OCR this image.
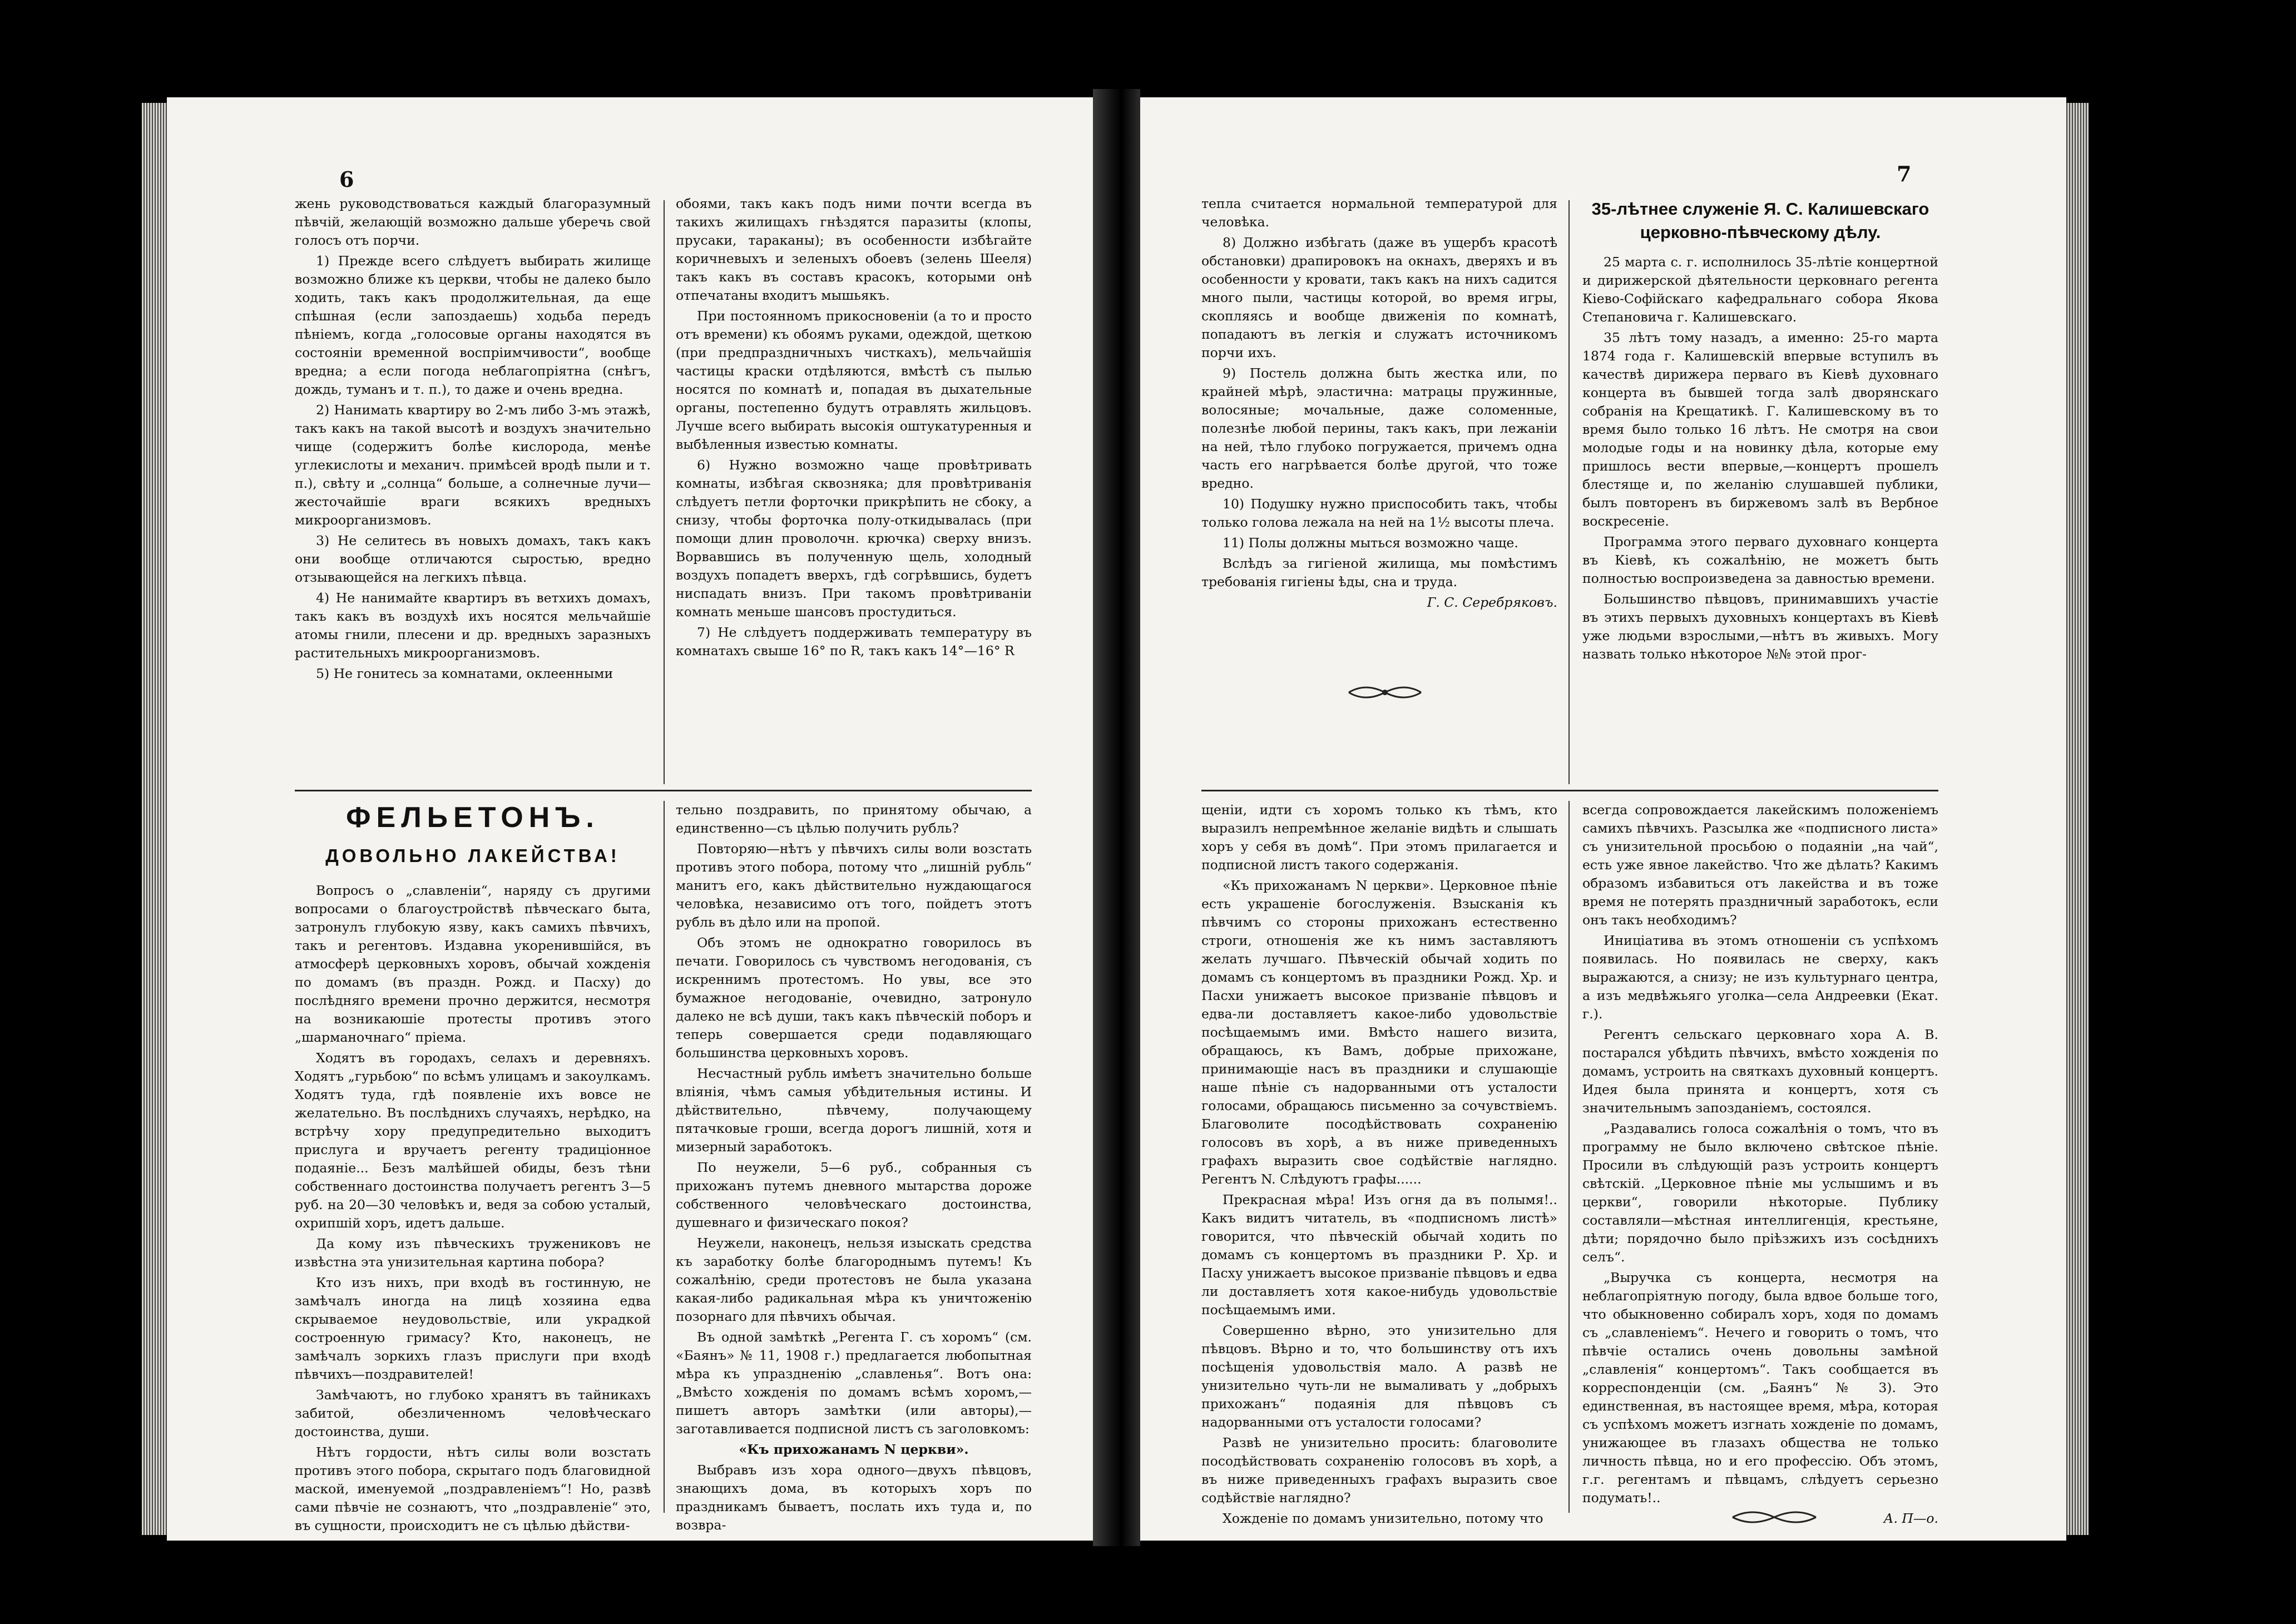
6

жень руководствоваться каждый благоразумный пѣвчій, желающій возможно дальше уберечь свой голосъ отъ порчи.

1) Прежде всего слѣдуетъ выбирать жилище возможно ближе къ церкви, чтобы не далеко было ходить, такъ какъ продолжительная, да еще спѣшная (если запоздаешь) ходьба передъ пѣніемъ, когда „голосовые органы находятся въ состояніи временной воспріимчивости“, вообще вредна; а если погода неблагопріятна (снѣгъ, дождь, туманъ и т. п.), то даже и очень вредна.

2) Нанимать квартиру во 2-мъ либо 3-мъ этажѣ, такъ какъ на такой высотѣ и воздухъ значительно чище (содержитъ болѣе кислорода, менѣе углекислоты и механич. примѣсей вродѣ пыли и т. п.), свѣту и „солнца“ больше, а солнечные лучи—жесточайшіе враги всякихъ вредныхъ микроорганизмовъ.

3) Не селитесь въ новыхъ домахъ, такъ какъ они вообще отличаются сыростью, вредно отзывающейся на легкихъ пѣвца.

4) Не нанимайте квартиръ въ ветхихъ домахъ, такъ какъ въ воздухѣ ихъ носятся мельчайшіе атомы гнили, плесени и др. вредныхъ заразныхъ растительныхъ микроорганизмовъ.

5) Не гонитесь за комнатами, оклеенными

обоями, такъ какъ подъ ними почти всегда въ такихъ жилищахъ гнѣздятся паразиты (клопы, прусаки, тараканы); въ особенности избѣгайте коричневыхъ и зеленыхъ обоевъ (зелень Шееля) такъ какъ въ составъ красокъ, которыми онѣ отпечатаны входитъ мышьякъ.

При постоянномъ прикосновеніи (а то и просто отъ времени) къ обоямъ руками, одеждой, щеткою (при предпраздничныхъ чисткахъ), мельчайшія частицы краски отдѣляются, вмѣстѣ съ пылью носятся по комнатѣ и, попадая въ дыхательные органы, постепенно будутъ отравлять жильцовъ. Лучше всего выбирать высокія оштукатуренныя и выбѣленныя известью комнаты.

6) Нужно возможно чаще провѣтривать комнаты, избѣгая сквозняка; для провѣтриванія слѣдуетъ петли форточки прикрѣпить не сбоку, а снизу, чтобы форточка полу-откидывалась (при помощи длин проволочн. крючка) сверху внизъ. Ворвавшись въ полученную щель, холодный воздухъ попадетъ вверхъ, гдѣ согрѣвшись, будетъ ниспадать внизъ. При такомъ провѣтриваніи комнать меньше шансовъ простудиться.

7) Не слѣдуетъ поддерживать температуру въ комнатахъ свыше 16° по R, такъ какъ 14°—16° R

ФЕЛЬЕТОНЪ.
ДОВОЛЬНО ЛАКЕЙСТВА!

Вопросъ о „славленіи“, наряду съ другими вопросами о благоустройствѣ пѣвческаго быта, затронулъ глубокую язву, какъ самихъ пѣвчихъ, такъ и регентовъ. Издавна укоренившійся, въ атмосферѣ церковныхъ хоровъ, обычай хожденія по домамъ (въ праздн. Рожд. и Пасху) до послѣдняго времени прочно держится, несмотря на возникаюшіе протесты противъ этого „шарманочнаго“ пріема.

Ходятъ въ городахъ, селахъ и деревняхъ. Ходятъ „гурьбою“ по всѣмъ улицамъ и закоулкамъ. Ходятъ туда, гдѣ появленіе ихъ вовсе не желательно. Въ послѣднихъ случаяхъ, нерѣдко, на встрѣчу хору предупредительно выходитъ прислуга и вручаетъ регенту традиціонное подаяніе... Безъ малѣйшей обиды, безъ тѣни собственнаго достоинства получаетъ регентъ 3—5 руб. на 20—30 человѣкъ и, ведя за собою усталый, охрипшій хоръ, идетъ дальше.

Да кому изъ пѣвческихъ тружениковъ не извѣстна эта унизительная картина побора?

Кто изъ нихъ, при входѣ въ гостинную, не замѣчалъ иногда на лицѣ хозяина едва скрываемое неудовольствіе, или укрaдкой состроенную гримасу? Кто, наконецъ, не замѣчалъ зоркихъ глазъ прислуги при входѣ пѣвчихъ—поздравителей!

Замѣчаютъ, но глубоко хранятъ въ тайникахъ забитой, обезличенномъ человѣческаго достоинства, души.

Нѣтъ гордости, нѣтъ силы воли возстать противъ этого побора, скрытаго подъ благовидной маской, именуемой „поздравленіемъ“! Но, развѣ сами пѣвчіе не сознаютъ, что „поздравленіе“ это, въ сущности, происходитъ не съ цѣлью дѣйстви-

тельно поздравить, по принятому обычаю, а единственно—съ цѣлью получить рубль?

Повторяю—нѣтъ у пѣвчихъ силы воли возстать противъ этого побора, потому что „лишній рубль“ манитъ его, какъ дѣйствительно нуждающагося человѣка, независимо отъ того, пойдетъ этотъ рубль въ дѣло или на пропой.

Объ этомъ не однократно говорилось въ печати. Говорилось съ чувствомъ негодованія, съ искреннимъ протестомъ. Но увы, все это бумажное негодованіе, очевидно, затронуло далеко не всѣ души, такъ какъ пѣвческій поборъ и теперь совершается среди подавляющаго большинства церковныхъ хоровъ.

Несчастный рубль имѣетъ значительно больше вліянія, чѣмъ самыя убѣдительныя истины. И дѣйствительно, пѣвчему, получающему пятачковые гроши, всегда дорогъ лишній, хотя и мизерный заработокъ.

По неужели, 5—6 руб., собранныя съ прихожанъ путемъ дневного мытарства дороже собственного человѣческаго достоинства, душевнаго и физическаго покоя?

Неужели, наконецъ, нельзя изыскать средства къ заработку болѣе благороднымъ путемъ! Къ сожалѣнію, среди протестовъ не была указана какая-либо радикальная мѣра къ уничтоженію позорнаго для пѣвчихъ обычая.

Въ одной замѣткѣ „Регента Г. съ хоромъ“ (см. «Баянъ» № 11, 1908 г.) предлагается любопытная мѣра къ упраздненію „славленья“. Вотъ она: „Вмѣсто хожденія по домамъ всѣмъ хоромъ,—пишетъ авторъ замѣтки (или авторы),—заготавливается подписной листъ съ заголовкомъ:

«Къ прихожанамъ N церкви».

Выбравъ изъ хора одного—двухъ пѣвцовъ, знающихъ дома, въ которыхъ хоръ по праздникамъ бываетъ, послать ихъ туда и, по возвра-

7

тепла считается нормальной температурой для человѣка.

8) Должно избѣгать (даже въ ущербъ красотѣ обстановки) драпировокъ на окнахъ, дверяхъ и въ особенности у кровати, такъ какъ на нихъ садится много пыли, частицы которой, во время игры, скопляясь и вообще движенія по комнатѣ, попадаютъ въ легкія и служатъ источникомъ порчи ихъ.

9) Постель должна быть жестка или, по крайней мѣрѣ, эластична: матрацы пружинные, волосяные; мочальные, даже соломенные, полезнѣе любой перины, такъ какъ, при лежаніи на ней, тѣло глубоко погружается, причемъ одна часть его нагрѣвается болѣе другой, что тоже вредно.

10) Подушку нужно приспособить такъ, чтобы только голова лежала на ней на 1½ высоты плеча.

11) Полы должны мыться возможно чаще.

Вслѣдъ за гигіеной жилища, мы помѣстимъ требованія гигіены ѣды, сна и труда.

Г. С. Серебряковъ.

35-лѣтнее служеніе Я. С. Калишевскаго церковно-пѣвческому дѣлу.

25 марта с. г. исполнилось 35-лѣтіе концертной и дирижерской дѣятельности церковнаго регента Кіево-Софійскаго кафедральнаго собора Якова Степановича г. Калишевскаго.

35 лѣтъ тому назадъ, а именно: 25-го марта 1874 года г. Калишевскій впервые вступилъ въ качествѣ дирижера перваго въ Кіевѣ духовнаго концерта въ бывшей тогда залѣ дворянскаго собранія на Крещатикѣ. Г. Калишевскому въ то время было только 16 лѣтъ. Не смотря на свои молодые годы и на новинку дѣла, которые ему пришлось вести впервые,—концертъ прошелъ блестяще и, по желанію слушавшей публики, былъ повторенъ въ биржевомъ залѣ въ Вербное воскресеніе.

Программа этого перваго духовнаго концерта въ Кіевѣ, къ сожалѣнію, не можетъ быть полностью воспроизведена за давностью времени.

Большинство пѣвцовъ, принимавшихъ участіе въ этихъ первыхъ духовныхъ концертахъ въ Кіевѣ уже людьми взрослыми,—нѣтъ въ живыхъ. Могу назвать только нѣкоторое №№ этой прог-

щеніи, идти съ хоромъ только къ тѣмъ, кто выразилъ непремѣнное желаніе видѣть и слышать хоръ у себя въ домѣ“. При этомъ прилагается и подписной листъ такого содержанія.

«Къ прихожанамъ N церкви». Церковное пѣніе есть украшеніе богослуженія. Взысканія къ пѣвчимъ со стороны прихожанъ естественно строги, отношенія же къ нимъ заставляютъ желать лучшаго. Пѣвческій обычай ходить по домамъ съ концертомъ въ праздники Рожд. Хр. и Пасхи унижаетъ высокое призваніе пѣвцовъ и едва-ли доставляетъ какое-либо удовольствіе посѣщаемымъ ими. Вмѣсто нашего визита, обращаюсь, къ Вамъ, добрые прихожане, принимающіе насъ въ праздники и слушающіе наше пѣніе съ надорванными отъ усталости голосами, обращаюсь письменно за сочувствіемъ. Благоволите посодѣйствовать сохраненію голосовъ въ хорѣ, а въ ниже приведенныхъ графахъ выразить свое содѣйствіе наглядно. Регентъ N. Слѣдуютъ графы......

Прекрасная мѣра! Изъ огня да въ полымя!.. Какъ видитъ читатель, въ «подписномъ листѣ» говорится, что пѣвческій обычай ходить по домамъ съ концертомъ въ праздники Р. Хр. и Пасху унижаетъ высокое призваніе пѣвцовъ и едва ли доставляетъ хотя какое-нибудь удовольствіе посѣщаемымъ ими.

Совершенно вѣрно, это унизительно для пѣвцовъ. Вѣрно и то, что большинству отъ ихъ посѣщенія удовольствія мало. А развѣ не унизительно чуть-ли не вымаливать у „добрыхъ прихожанъ“ подаянія для пѣвцовъ съ надорванными отъ усталости голосами?

Развѣ не унизительно просить: благоволите посодѣйствовать сохраненію голосовъ въ хорѣ, а въ ниже приведенныхъ графахъ выразить свое содѣйствіе наглядно?

Хожденіе по домамъ унизительно, потому что

всегда сопровождается лакейскимъ положеніемъ самихъ пѣвчихъ. Разсылка же «подписного листа» съ унизительной просьбою о подаяніи „на чай“, есть уже явное лакейство. Что же дѣлать? Какимъ образомъ избавиться отъ лакейства и въ тоже время не потерять праздничный заработокъ, если онъ такъ необходимъ?

Иниціатива въ этомъ отношеніи съ успѣхомъ появилась. Но появилась не сверху, какъ выражаются, а снизу; не изъ культурнаго центра, а изъ медвѣжьяго уголка—села Андреевки (Екат. г.).

Регентъ сельскаго церковнаго хора А. В. постарался убѣдить пѣвчихъ, вмѣсто хожденія по домамъ, устроить на святкахъ духовный концертъ. Идея была принята и концертъ, хотя съ значительнымъ запозданіемъ, состоялся.

„Раздавались голоса сожалѣнія о томъ, что въ программу не было включено свѣтское пѣніе. Просили въ слѣдующій разъ устроить концертъ свѣтскій. „Церковное пѣніе мы услышимъ и въ церкви“, говорили нѣкоторые. Публику составляли—мѣстная интеллигенція, крестьяне, дѣти; порядочно было пріѣзжихъ изъ сосѣднихъ селъ“.

„Выручка съ концерта, несмотря на неблагопріятную погоду, была вдвое больше того, что обыкновенно собиралъ хоръ, ходя по домамъ съ „славленіемъ“. Нечего и говорить о томъ, что пѣвчіе остались очень довольны замѣной „славленія“ концертомъ“. Такъ сообщается въ корреспонденціи (см. „Баянъ“ № 3). Это единственная, въ настоящее время, мѣра, которая съ успѣхомъ можетъ изгнать хожденіе по домамъ, унижающее въ глазахъ общества не только личность пѣвца, но и его профессію. Объ этомъ, г.г. регентамъ и пѣвцамъ, слѣдуетъ серьезно подумать!..

А. П—о.
